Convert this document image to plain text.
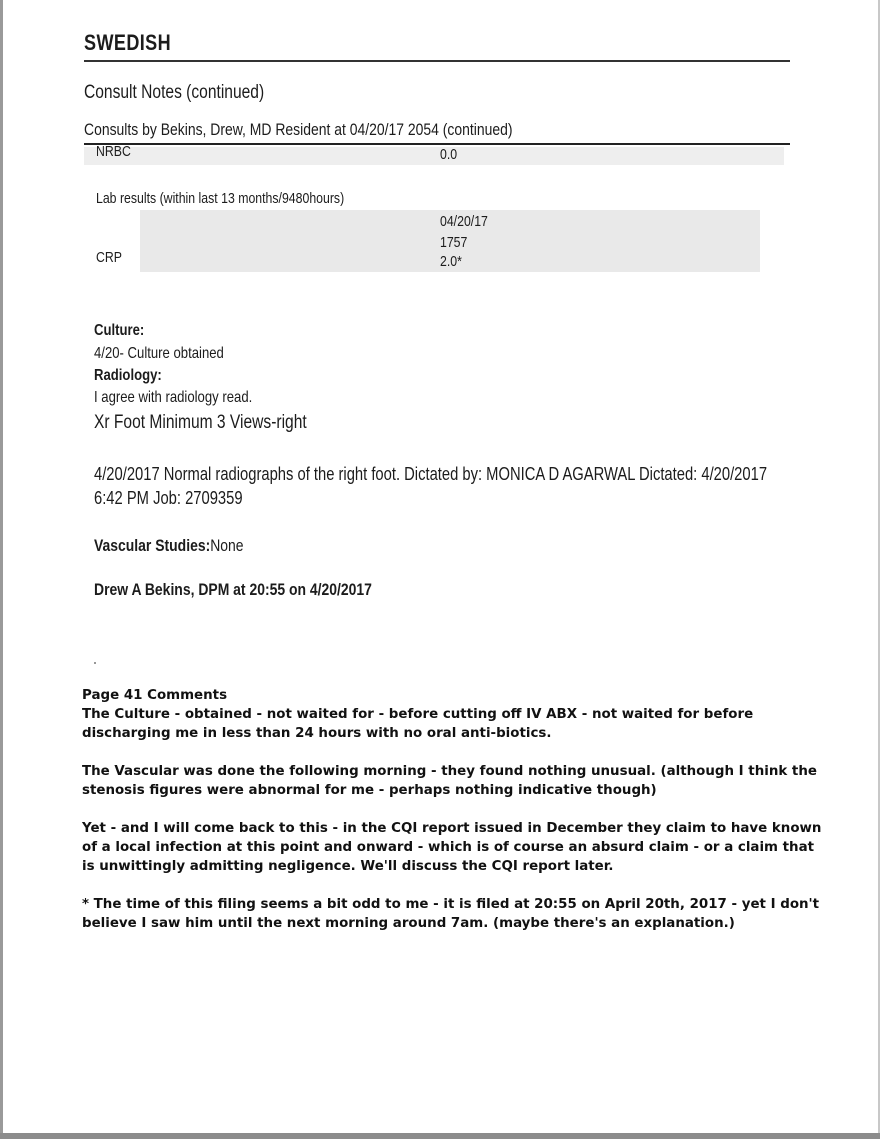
SWEDISH
Consult Notes (continued)
Consults by Bekins, Drew, MD Resident at 04/20/17 2054 (continued)
NRBC	0.0
Lab results (within last 13 months/9480hours)
04/20/17
1757
CRP	2.0*
Culture:
4/20- Culture obtained
Radiology:
I agree with radiology read.
Xr Foot Minimum 3 Views-right
4/20/2017 Normal radiographs of the right foot. Dictated by: MONICA D AGARWAL Dictated: 4/20/2017
6:42 PM Job: 2709359
Vascular Studies:None
Drew A Bekins, DPM at 20:55 on 4/20/2017

Page 41 Comments

The Culture - obtained - not waited for - before cutting off IV ABX - not waited for before discharging me in less than 24 hours with no oral anti-biotics.

The Vascular was done the following morning - they found nothing unusual. (although I think the stenosis figures were abnormal for me - perhaps nothing indicative though)

Yet - and I will come back to this - in the CQI report issued in December they claim to have known of a local infection at this point and onward - which is of course an absurd claim - or a claim that is unwittingly admitting negligence. We'll discuss the CQI report later.

* The time of this filing seems a bit odd to me - it is filed at 20:55 on April 20th, 2017 - yet I don't believe I saw him until the next morning around 7am. (maybe there's an explanation.)
